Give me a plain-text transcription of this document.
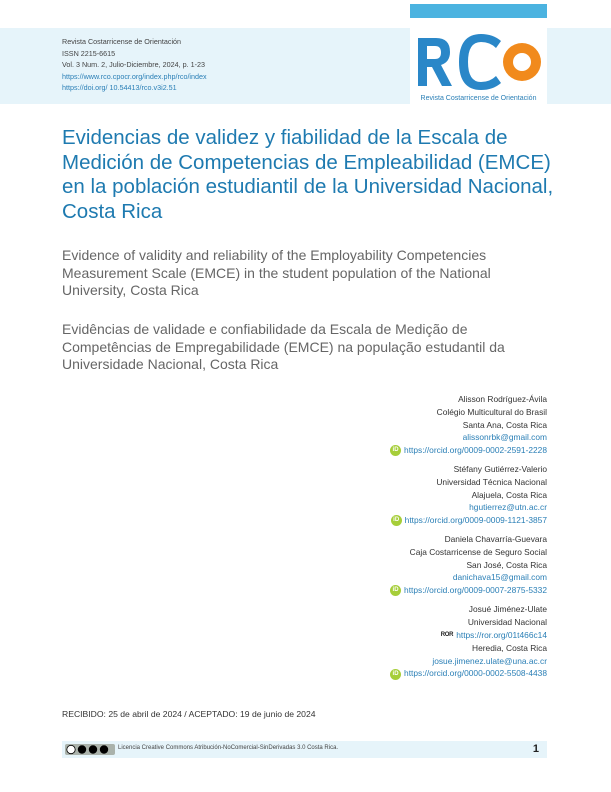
Revista Costarricense de Orientación
ISSN 2215-6615
Vol. 3 Num. 2, Julio-Diciembre, 2024, p. 1-23
https://www.rco.cpocr.org/index.php/rco/index
https://doi.org/ 10.54413/rco.v3i2.51
Revista Costarricense de Orientación
Evidencias de validez y fiabilidad de la Escala de Medición de Competencias de Empleabilidad (EMCE) en la población estudiantil de la Universidad Nacional, Costa Rica

Evidence of validity and reliability of the Employability Competencies Measurement Scale (EMCE) in the student population of the National University, Costa Rica

Evidências de validade e confiabilidade da Escala de Medição de Competências de Empregabilidade (EMCE) na população estudantil da Universidade Nacional, Costa Rica

Alisson Rodríguez-Ávila
Colégio Multicultural do Brasil
Santa Ana, Costa Rica
alissonrbk@gmail.com
iD https://orcid.org/0009-0002-2591-2228
Stéfany Gutiérrez-Valerio
Universidad Técnica Nacional
Alajuela, Costa Rica
hgutierrez@utn.ac.cr
iD https://orcid.org/0009-0009-1121-3857
Daniela Chavarría-Guevara
Caja Costarricense de Seguro Social
San José, Costa Rica
danichava15@gmail.com
iD https://orcid.org/0009-0007-2875-5332
Josué Jiménez-Ulate
Universidad Nacional
ROR https://ror.org/01t466c14
Heredia, Costa Rica
josue.jimenez.ulate@una.ac.cr
iD https://orcid.org/0000-0002-5508-4438
RECIBIDO: 25 de abril de 2024 / ACEPTADO: 19 de junio de 2024
Licencia Creative Commons Atribución-NoComercial-SinDerivadas 3.0 Costa Rica.	1
